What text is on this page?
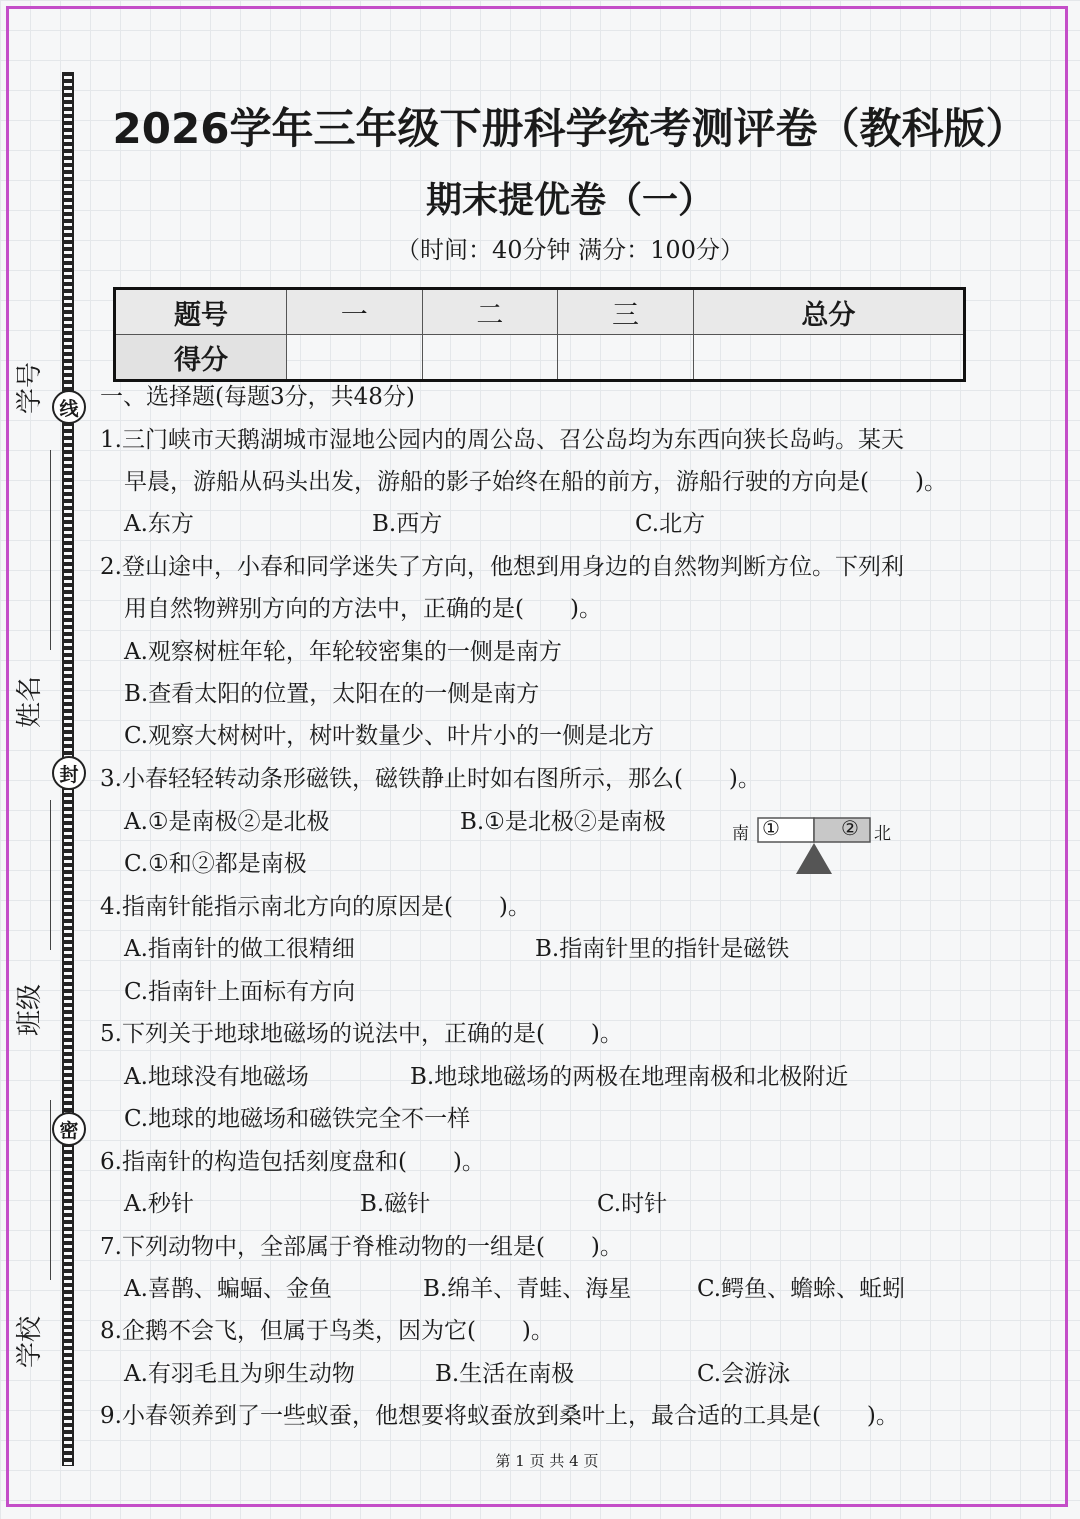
线
封
密
学号
姓名
班级
学校
2026学年三年级下册科学统考测评卷（教科版）
期末提优卷（一）
（时间：40分钟 满分：100分）
题号	一	二	三	总分
得分				
一、选择题(每题3分，共48分)
1.三门峡市天鹅湖城市湿地公园内的周公岛、召公岛均为东西向狭长岛屿。某天
早晨，游船从码头出发，游船的影子始终在船的前方，游船行驶的方向是(　　)。
A.东方	B.西方	C.北方
2.登山途中，小春和同学迷失了方向，他想到用身边的自然物判断方位。下列利
用自然物辨别方向的方法中，正确的是(　　)。
A.观察树桩年轮，年轮较密集的一侧是南方
B.查看太阳的位置，太阳在的一侧是南方
C.观察大树树叶，树叶数量少、叶片小的一侧是北方
3.小春轻轻转动条形磁铁，磁铁静止时如右图所示，那么(　　)。
A.①是南极②是北极	B.①是北极②是南极
C.①和②都是南极
南	北
①	②
4.指南针能指示南北方向的原因是(　　)。
A.指南针的做工很精细	B.指南针里的指针是磁铁
C.指南针上面标有方向
5.下列关于地球地磁场的说法中，正确的是(　　)。
A.地球没有地磁场	B.地球地磁场的两极在地理南极和北极附近
C.地球的地磁场和磁铁完全不一样
6.指南针的构造包括刻度盘和(　　)。
A.秒针	B.磁针	C.时针
7.下列动物中，全部属于脊椎动物的一组是(　　)。
A.喜鹊、蝙蝠、金鱼	B.绵羊、青蛙、海星	C.鳄鱼、蟾蜍、蚯蚓
8.企鹅不会飞，但属于鸟类，因为它(　　)。
A.有羽毛且为卵生动物	B.生活在南极	C.会游泳
9.小春领养到了一些蚁蚕，他想要将蚁蚕放到桑叶上，最合适的工具是(　　)。
第 1 页 共 4 页
